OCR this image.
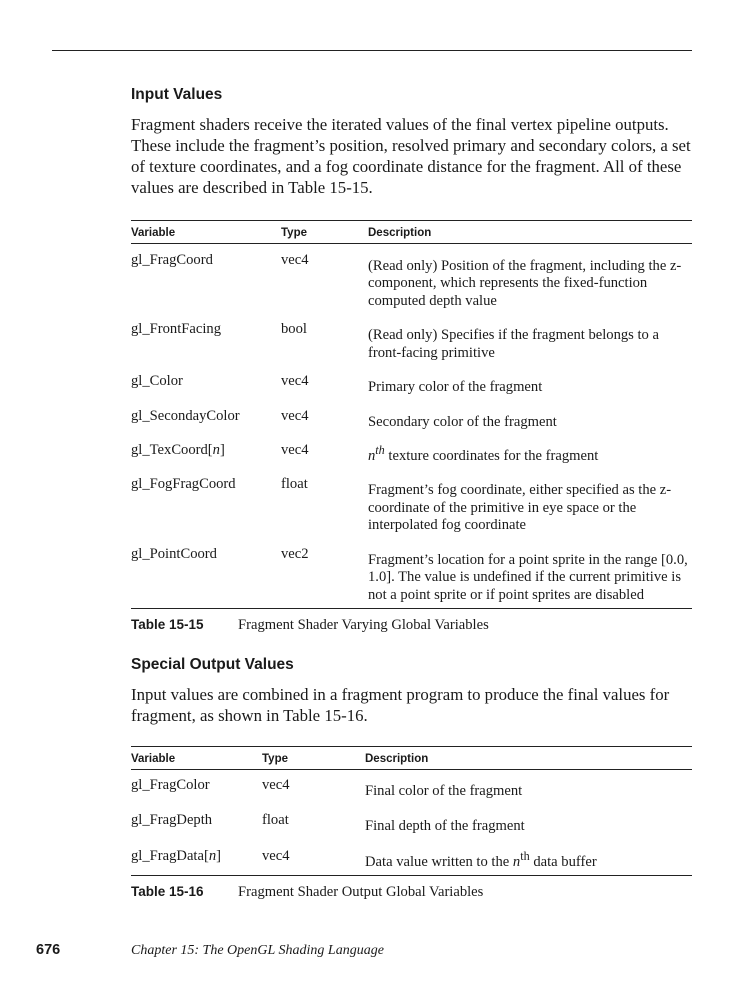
Input Values

Fragment shaders receive the iterated values of the final vertex pipeline outputs. These include the fragment’s position, resolved primary and secondary colors, a set of texture coordinates, and a fog coordinate distance for the fragment. All of these values are described in Table 15-15.

Variable	Type	Description
gl_FragCoord	vec4	(Read only) Position of the fragment, including the z-component, which represents the fixed-function computed depth value
gl_FrontFacing	bool	(Read only) Specifies if the fragment belongs to a front-facing primitive
gl_Color	vec4	Primary color of the fragment
gl_SecondayColor	vec4	Secondary color of the fragment
gl_TexCoord[n]	vec4	$n^{th}$ texture coordinates for the fragment
gl_FogFragCoord	float	Fragment’s fog coordinate, either specified as the z-coordinate of the primitive in eye space or the interpolated fog coordinate
gl_PointCoord	vec2	Fragment’s location for a point sprite in the range [0.0, 1.0]. The value is undefined if the current primitive is not a point sprite or if point sprites are disabled
Table 15-15	Fragment Shader Varying Global Variables
Special Output Values

Input values are combined in a fragment program to produce the final values for fragment, as shown in Table 15-16.

Variable	Type	Description
gl_FragColor	vec4	Final color of the fragment
gl_FragDepth	float	Final depth of the fragment
gl_FragData[n]	vec4	Data value written to the $n^{th}$ data buffer
Table 15-16	Fragment Shader Output Global Variables
676	Chapter 15: The OpenGL Shading Language
